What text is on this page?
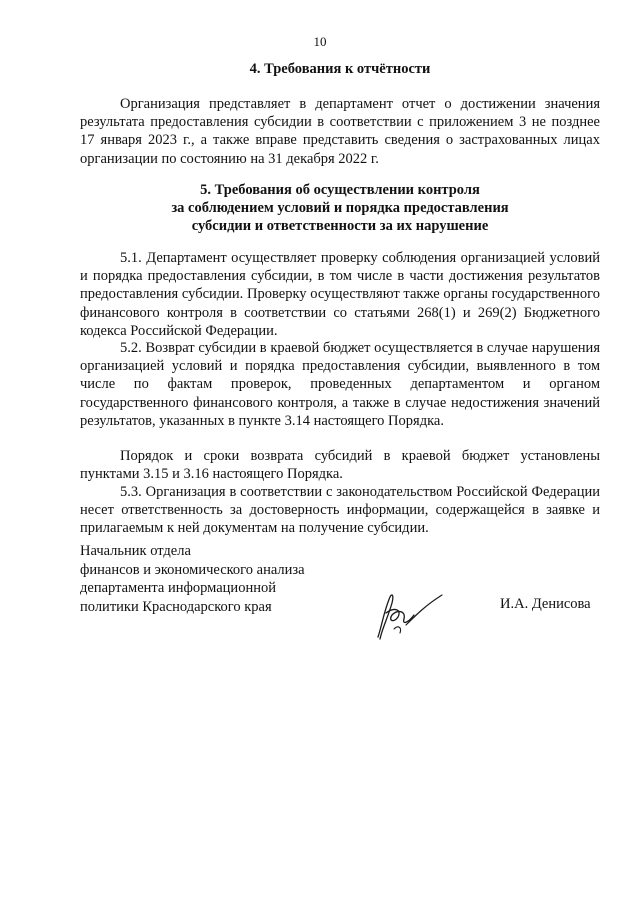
10
4. Требования к отчётности

Организация представляет в департамент отчет о достижении значения результата предоставления субсидии в соответствии с приложением 3 не позднее 17 января 2023 г., а также вправе представить сведения о застрахованных лицах организации по состоянию на 31 декабря 2022 г.

5. Требования об осуществлении контроля
за соблюдением условий и порядка предоставления
субсидии и ответственности за их нарушение

5.1. Департамент осуществляет проверку соблюдения организацией условий и порядка предоставления субсидии, в том числе в части достижения результатов предоставления субсидии. Проверку осуществляют также органы государственного финансового контроля в соответствии со статьями 268(1) и 269(2) Бюджетного кодекса Российской Федерации.

5.2. Возврат субсидии в краевой бюджет осуществляется в случае нарушения организацией условий и порядка предоставления субсидии, выявленного в том числе по фактам проверок, проведенных департаментом и органом государственного финансового контроля, а также в случае недостижения значений результатов, указанных в пункте 3.14 настоящего Порядка.

Порядок и сроки возврата субсидий в краевой бюджет установлены пунктами 3.15 и 3.16 настоящего Порядка.

5.3. Организация в соответствии с законодательством Российской Федерации несет ответственность за достоверность информации, содержащейся в заявке и прилагаемым к ней документам на получение субсидии.

Начальник отдела
финансов и экономического анализа
департамента информационной
политики Краснодарского края	И.А. Денисова
